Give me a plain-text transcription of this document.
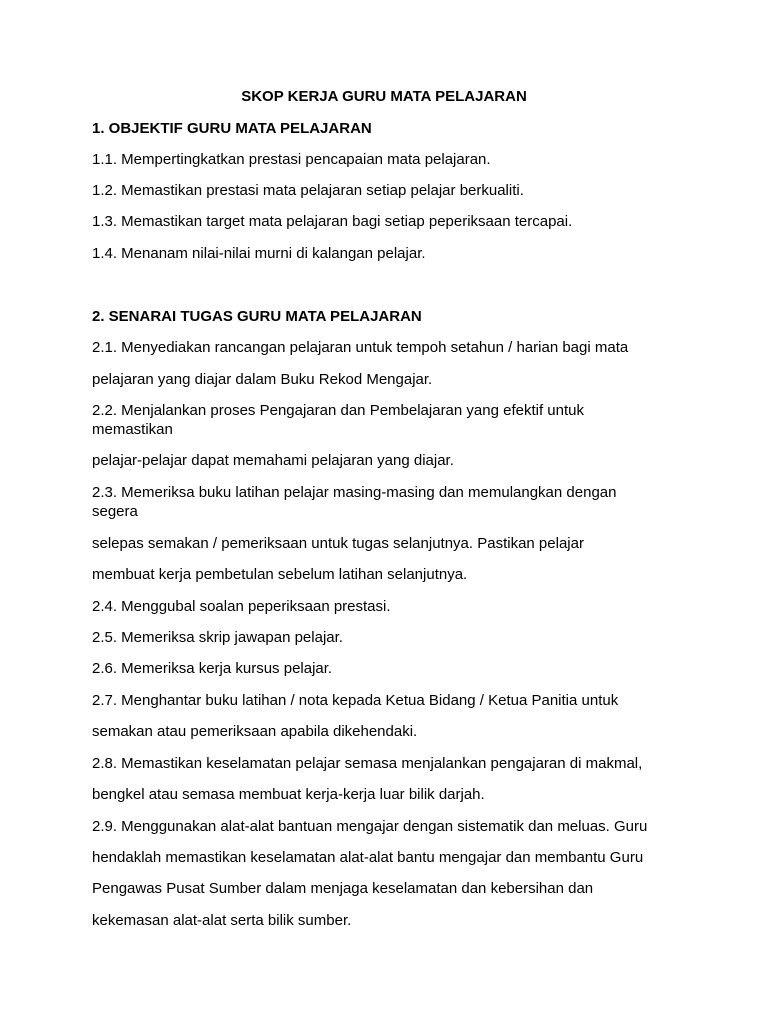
SKOP KERJA GURU MATA PELAJARAN

1. OBJEKTIF GURU MATA PELAJARAN

1.1. Mempertingkatkan prestasi pencapaian mata pelajaran.

1.2. Memastikan prestasi mata pelajaran setiap pelajar berkualiti.

1.3. Memastikan target mata pelajaran bagi setiap peperiksaan tercapai.

1.4. Menanam nilai-nilai murni di kalangan pelajar.

2. SENARAI TUGAS GURU MATA PELAJARAN

2.1. Menyediakan rancangan pelajaran untuk tempoh setahun / harian bagi mata

pelajaran yang diajar dalam Buku Rekod Mengajar.

2.2. Menjalankan proses Pengajaran dan Pembelajaran yang efektif untuk

memastikan

pelajar-pelajar dapat memahami pelajaran yang diajar.

2.3. Memeriksa buku latihan pelajar masing-masing dan memulangkan dengan

segera

selepas semakan / pemeriksaan untuk tugas selanjutnya. Pastikan pelajar

membuat kerja pembetulan sebelum latihan selanjutnya.

2.4. Menggubal soalan peperiksaan prestasi.

2.5. Memeriksa skrip jawapan pelajar.

2.6. Memeriksa kerja kursus pelajar.

2.7. Menghantar buku latihan / nota kepada Ketua Bidang / Ketua Panitia untuk

semakan atau pemeriksaan apabila dikehendaki.

2.8. Memastikan keselamatan pelajar semasa menjalankan pengajaran di makmal,

bengkel atau semasa membuat kerja-kerja luar bilik darjah.

2.9. Menggunakan alat-alat bantuan mengajar dengan sistematik dan meluas. Guru

hendaklah memastikan keselamatan alat-alat bantu mengajar dan membantu Guru

Pengawas Pusat Sumber dalam menjaga keselamatan dan kebersihan dan

kekemasan alat-alat serta bilik sumber.
